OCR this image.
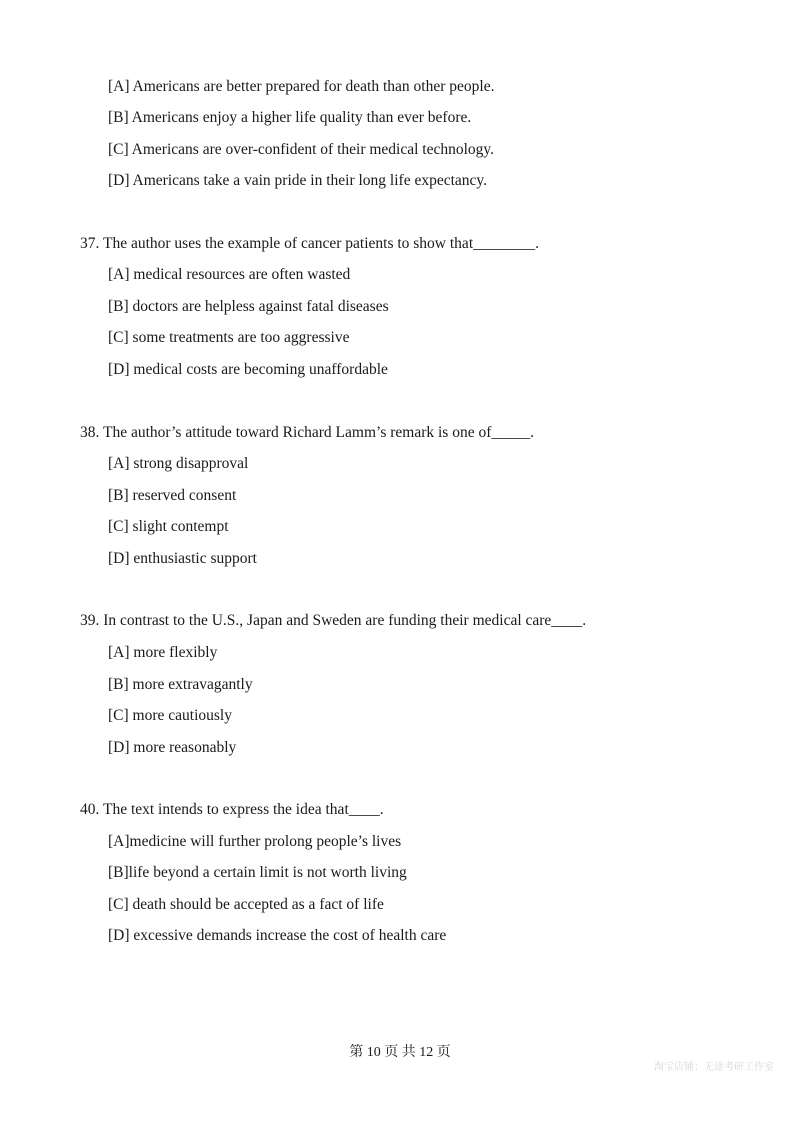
[A] Americans are better prepared for death than other people.
[B] Americans enjoy a higher life quality than ever before.
[C] Americans are over-confident of their medical technology.
[D] Americans take a vain pride in their long life expectancy.
37. The author uses the example of cancer patients to show that________.
[A] medical resources are often wasted
[B] doctors are helpless against fatal diseases
[C] some treatments are too aggressive
[D] medical costs are becoming unaffordable
38. The author’s attitude toward Richard Lamm’s remark is one of_____.
[A] strong disapproval
[B] reserved consent
[C] slight contempt
[D] enthusiastic support
39. In contrast to the U.S., Japan and Sweden are funding their medical care____.
[A] more flexibly
[B] more extravagantly
[C] more cautiously
[D] more reasonably
40. The text intends to express the idea that____.
[A]medicine will further prolong people’s lives
[B]life beyond a certain limit is not worth living
[C] death should be accepted as a fact of life
[D] excessive demands increase the cost of health care
第 10 页 共 12 页
淘宝店铺：无途考研工作室
